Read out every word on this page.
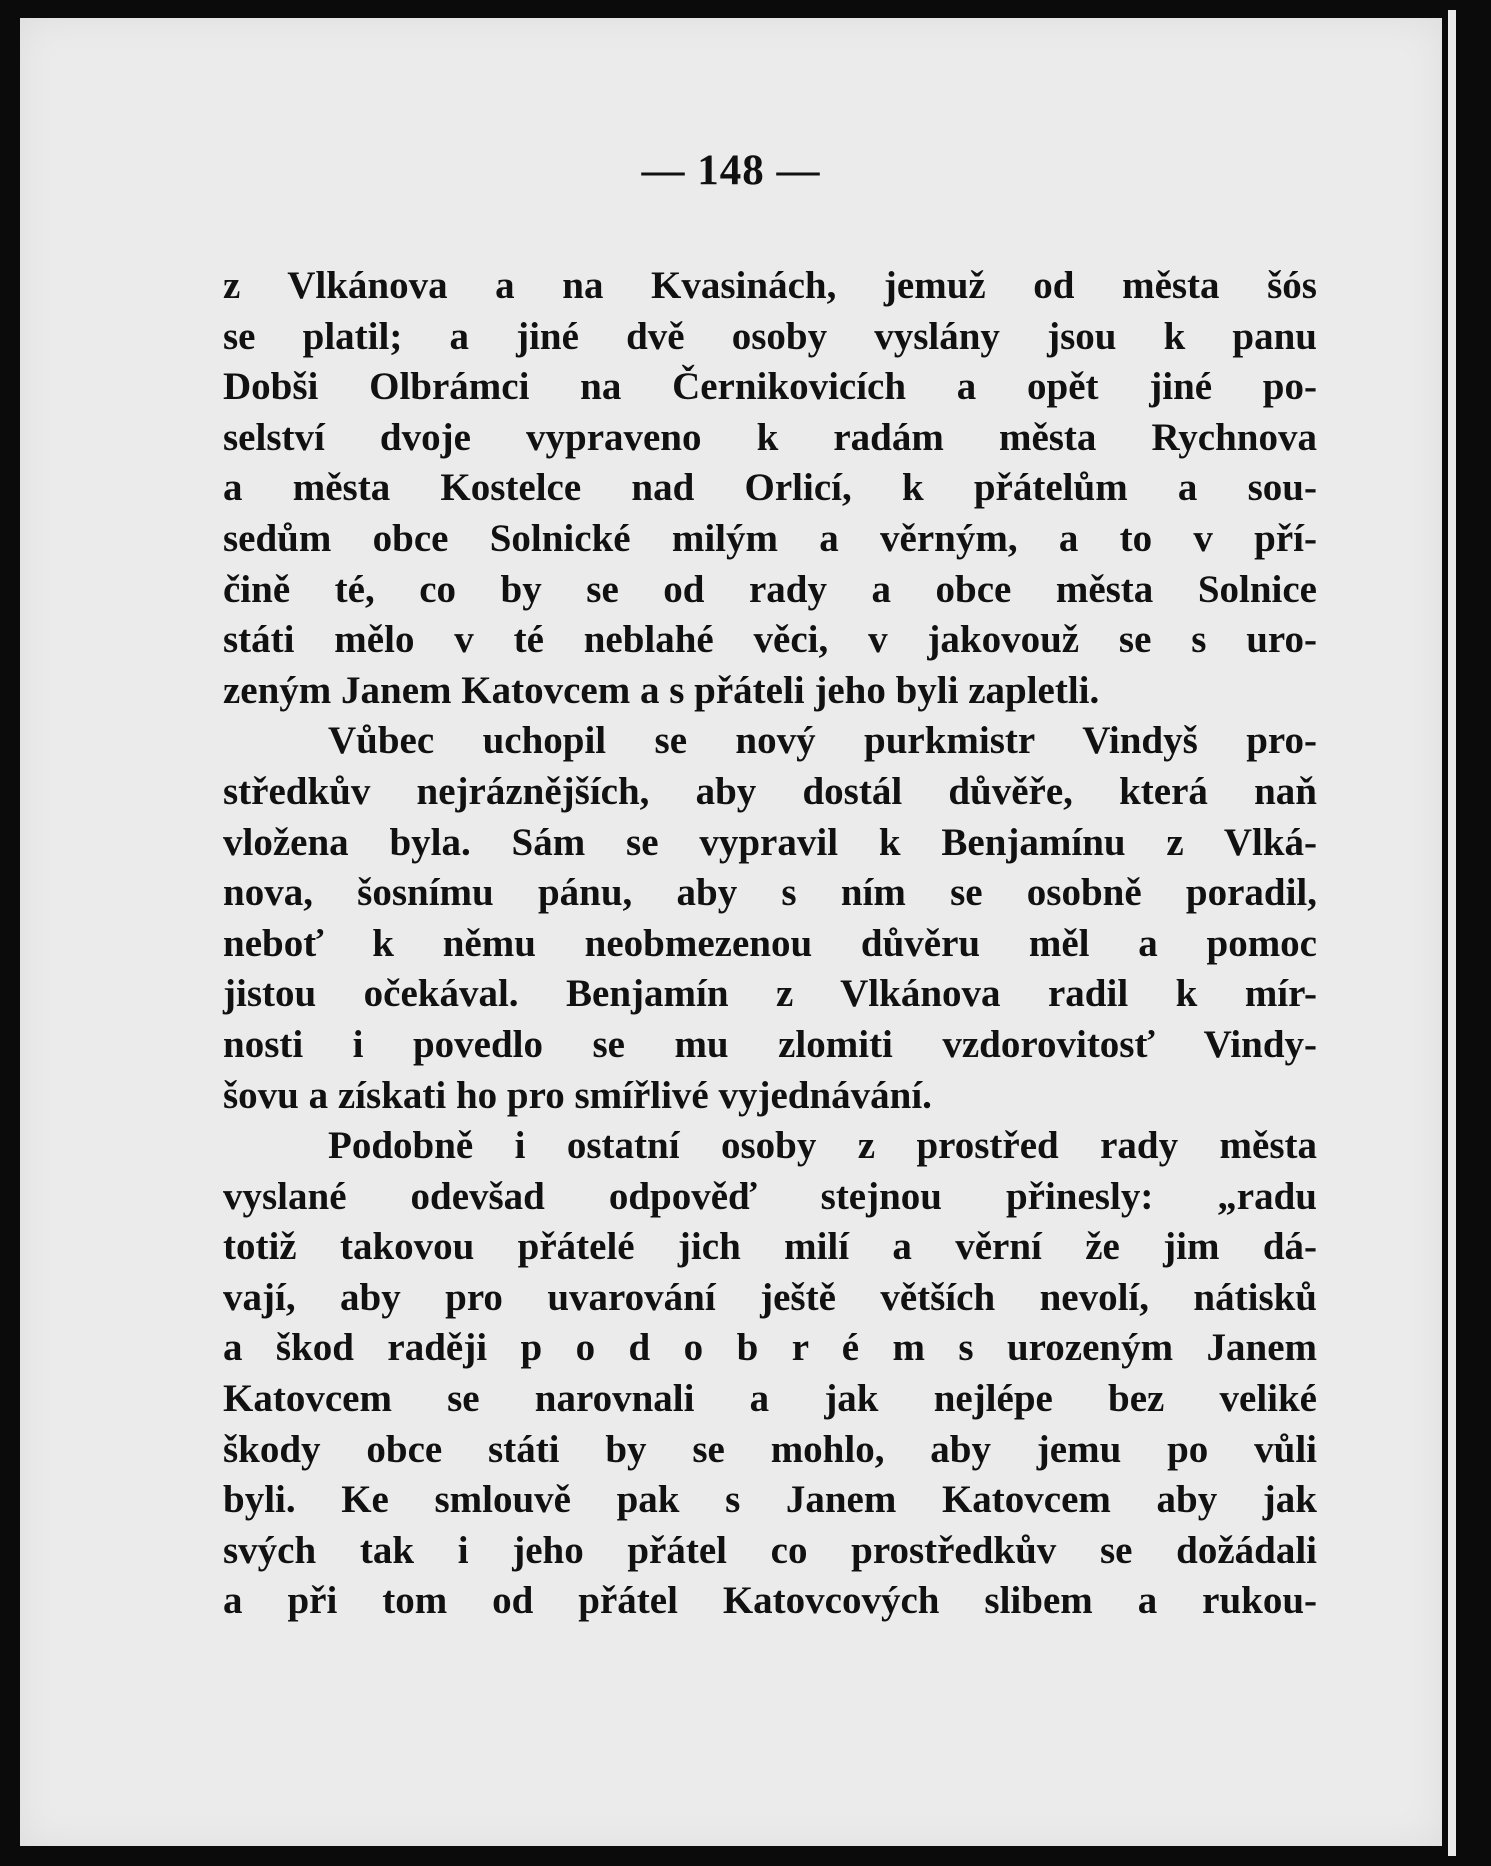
— 148 —
z Vlkánova a na Kvasinách, jemuž od města šós
se platil; a jiné dvě osoby vyslány jsou k panu
Dobši Olbrámci na Černikovicích a opět jiné po-
selství dvoje vypraveno k radám města Rychnova
a města Kostelce nad Orlicí, k přátelům a sou-
sedům obce Solnické milým a věrným, a to v pří-
čině té, co by se od rady a obce města Solnice
státi mělo v té neblahé věci, v jakovouž se s uro-
zeným Janem Katovcem a s přáteli jeho byli zapletli.
Vůbec uchopil se nový purkmistr Vindyš pro-
středkův nejráznějších, aby dostál důvěře, která naň
vložena byla. Sám se vypravil k Benjamínu z Vlká-
nova, šosnímu pánu, aby s ním se osobně poradil,
neboť k němu neobmezenou důvěru měl a pomoc
jistou očekával. Benjamín z Vlkánova radil k mír-
nosti i povedlo se mu zlomiti vzdorovitosť Vindy-
šovu a získati ho pro smířlivé vyjednávání.
Podobně i ostatní osoby z prostřed rady města
vyslané odevšad odpověď stejnou přinesly: „radu
totiž takovou přátelé jich milí a věrní že jim dá-
vají, aby pro uvarování ještě větších nevolí, nátisků
a škod raději p o d o b r é m s urozeným Janem
Katovcem se narovnali a jak nejlépe bez veliké
škody obce státi by se mohlo, aby jemu po vůli
byli. Ke smlouvě pak s Janem Katovcem aby jak
svých tak i jeho přátel co prostředkův se dožádali
a při tom od přátel Katovcových slibem a rukou-
